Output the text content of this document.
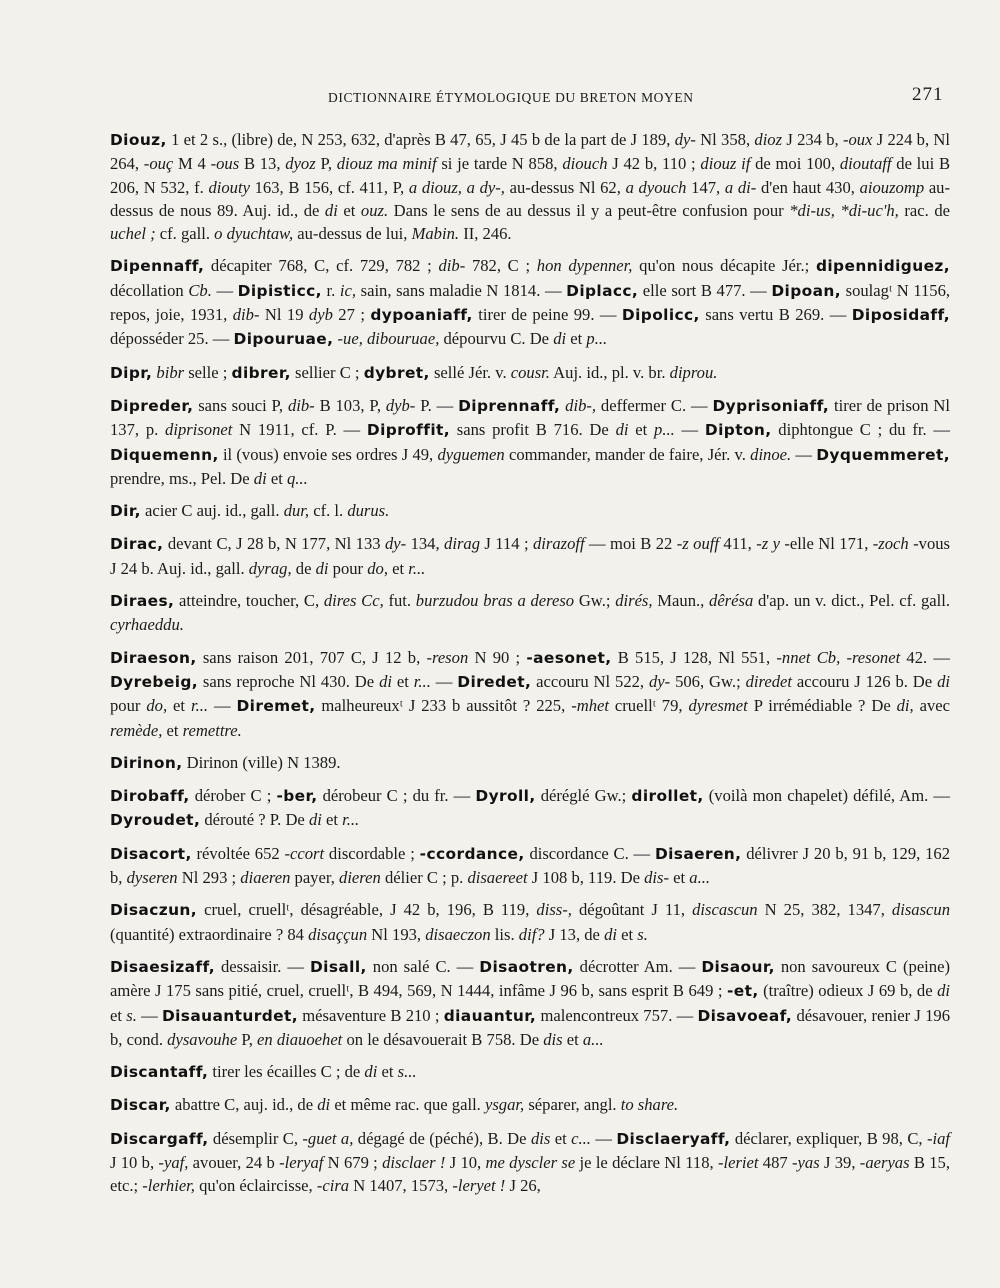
DICTIONNAIRE ÉTYMOLOGIQUE DU BRETON MOYEN	271

Diouz, 1 et 2 s., (libre) de, N 253, 632, d'après B 47, 65, J 45 b de la part de J 189, dy- Nl 358, dioz J 234 b, -oux J 224 b, Nl 264, -ouç M 4 -ous B 13, dyoz P, diouz ma minif si je tarde N 858, diouch J 42 b, 110 ; diouz if de moi 100, dioutaff de lui B 206, N 532, f. diouty 163, B 156, cf. 411, P, a diouz, a dy-, au-dessus Nl 62, a dyouch 147, a di- d'en haut 430, aiouzomp au-dessus de nous 89. Auj. id., de di et ouz. Dans le sens de au dessus il y a peut-être confusion pour *di-us, *di-uc'h, rac. de uchel ; cf. gall. o dyuchtaw, au-dessus de lui, Mabin. II, 246.

Dipennaff, décapiter 768, C, cf. 729, 782 ; dib- 782, C ; hon dypenner, qu'on nous décapite Jér.; dipennidiguez, décollation Cb. — Dipisticc, r. ic, sain, sans maladie N 1814. — Diplacc, elle sort B 477. — Dipoan, soulagᵗ N 1156, repos, joie, 1931, dib- Nl 19 dyb 27 ; dypoaniaff, tirer de peine 99. — Dipolicc, sans vertu B 269. — Diposidaff, déposséder 25. — Dipouruae, -ue, dibouruae, dépourvu C. De di et p...

Dipr, bibr selle ; dibrer, sellier C ; dybret, sellé Jér. v. cousr. Auj. id., pl. v. br. diprou.

Dipreder, sans souci P, dib- B 103, P, dyb- P. — Diprennaff, dib-, deffermer C. — Dyprisoniaff, tirer de prison Nl 137, p. diprisonet N 1911, cf. P. — Diproffit, sans profit B 716. De di et p... — Dipton, diphtongue C ; du fr. — Diquemenn, il (vous) envoie ses ordres J 49, dyguemen commander, mander de faire, Jér. v. dinoe. — Dyquemmeret, prendre, ms., Pel. De di et q...

Dir, acier C auj. id., gall. dur, cf. l. durus.

Dirac, devant C, J 28 b, N 177, Nl 133 dy- 134, dirag J 114 ; dirazoff — moi B 22 -z ouff 411, -z y -elle Nl 171, -zoch -vous J 24 b. Auj. id., gall. dyrag, de di pour do, et r...

Diraes, atteindre, toucher, C, dires Cc, fut. burzudou bras a dereso Gw.; dirés, Maun., dêrésa d'ap. un v. dict., Pel. cf. gall. cyrhaeddu.

Diraeson, sans raison 201, 707 C, J 12 b, -reson N 90 ; -aesonet, B 515, J 128, Nl 551, -nnet Cb, -resonet 42. — Dyrebeig, sans reproche Nl 430. De di et r... — Diredet, accouru Nl 522, dy- 506, Gw.; diredet accouru J 126 b. De di pour do, et r... — Diremet, malheureuxᵗ J 233 b aussitôt ? 225, -mhet cruellᵗ 79, dyresmet P irrémédiable ? De di, avec remède, et remettre.

Dirinon, Dirinon (ville) N 1389.

Dirobaff, dérober C ; -ber, dérobeur C ; du fr. — Dyroll, déréglé Gw.; dirollet, (voilà mon chapelet) défilé, Am. — Dyroudet, dérouté ? P. De di et r...

Disacort, révoltée 652 -ccort discordable ; -ccordance, discordance C. — Disaeren, délivrer J 20 b, 91 b, 129, 162 b, dyseren Nl 293 ; diaeren payer, dieren délier C ; p. disaereet J 108 b, 119. De dis- et a...

Disaczun, cruel, cruellᵗ, désagréable, J 42 b, 196, B 119, diss-, dégoûtant J 11, discascun N 25, 382, 1347, disascun (quantité) extraordinaire ? 84 disaççun Nl 193, disaeczon lis. dif? J 13, de di et s.

Disaesizaff, dessaisir. — Disall, non salé C. — Disaotren, décrotter Am. — Disaour, non savoureux C (peine) amère J 175 sans pitié, cruel, cruellᵗ, B 494, 569, N 1444, infâme J 96 b, sans esprit B 649 ; -et, (traître) odieux J 69 b, de di et s. — Disauanturdet, mésaventure B 210 ; diauantur, malencontreux 757. — Disavoeaf, désavouer, renier J 196 b, cond. dysavouhe P, en diauoehet on le désavouerait B 758. De dis et a...

Discantaff, tirer les écailles C ; de di et s...

Discar, abattre C, auj. id., de di et même rac. que gall. ysgar, séparer, angl. to share.

Discargaff, désemplir C, -guet a, dégagé de (péché), B. De dis et c... — Disclaeryaff, déclarer, expliquer, B 98, C, -iaf J 10 b, -yaf, avouer, 24 b -leryaf N 679 ; disclaer ! J 10, me dyscler se je le déclare Nl 118, -leriet 487 -yas J 39, -aeryas B 15, etc.; -lerhier, qu'on éclaircisse, -cira N 1407, 1573, -leryet ! J 26,
